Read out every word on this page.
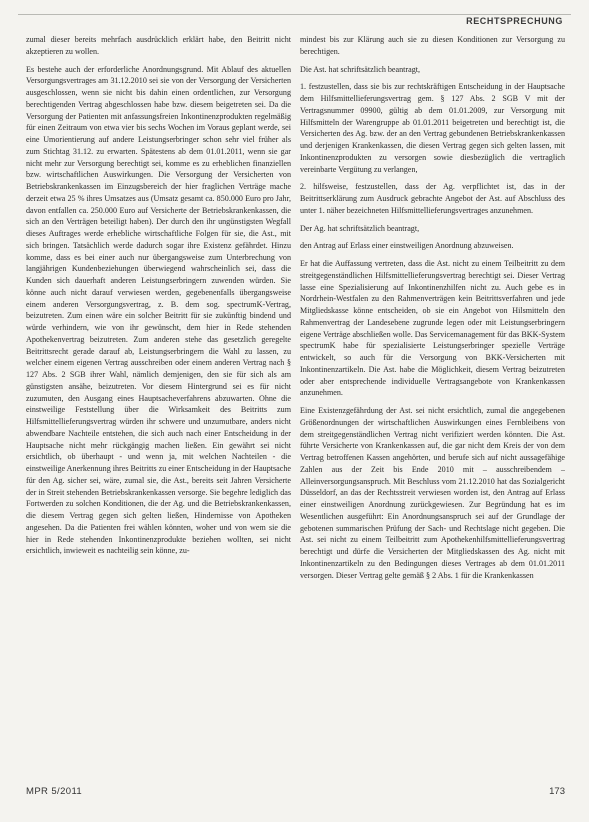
RECHTSPRECHUNG

zumal dieser bereits mehrfach ausdrücklich erklärt habe, den Beitritt nicht akzeptieren zu wollen.

Es bestehe auch der erforderliche Anordnungsgrund. Mit Ablauf des aktuellen Versorgungsvertrages am 31.12.2010 sei sie von der Versorgung der Versicherten ausgeschlossen, wenn sie nicht bis dahin einen ordentlichen, zur Versorgung berechtigenden Vertrag abgeschlossen habe bzw. diesem beigetreten sei. Da die Versorgung der Patienten mit anfassungsfreien Inkontinenzprodukten regelmäßig für einen Zeitraum von etwa vier bis sechs Wochen im Voraus geplant werde, sei eine Umorientierung auf andere Leistungserbringer schon sehr viel früher als zum Stichtag 31.12. zu erwarten. Spätestens ab dem 01.01.2011, wenn sie gar nicht mehr zur Versorgung berechtigt sei, komme es zu erheblichen finanziellen bzw. wirtschaftlichen Auswirkungen. Die Versorgung der Versicherten von Betriebskrankenkassen im Einzugsbereich der hier fraglichen Verträge mache derzeit etwa 25 % ihres Umsatzes aus (Umsatz gesamt ca. 850.000 Euro pro Jahr, davon entfallen ca. 250.000 Euro auf Versicherte der Betriebskrankenkassen, die sich an den Verträgen beteiligt haben). Der durch den ihr ungünstigsten Wegfall dieses Auftrages werde erhebliche wirtschaftliche Folgen für sie, die Ast., mit sich bringen. Tatsächlich werde dadurch sogar ihre Existenz gefährdet. Hinzu komme, dass es bei einer auch nur übergangsweise zum Unterbrechung von langjährigen Kundenbeziehungen überwiegend wahrscheinlich sei, dass die Kunden sich dauerhaft anderen Leistungserbringern zuwenden würden. Sie könne auch nicht darauf verwiesen werden, gegebenenfalls übergangsweise einem anderen Versorgungsvertrag, z. B. dem sog. spectrumK-Vertrag, beizutreten. Zum einen wäre ein solcher Beitritt für sie zukünftig bindend und würde verhindern, wie von ihr gewünscht, dem hier in Rede stehenden Apothekenvertrag beizutreten. Zum anderen stehe das gesetzlich geregelte Beitrittsrecht gerade darauf ab, Leistungserbringern die Wahl zu lassen, zu welcher einem eigenen Vertrag ausschreiben oder einem anderen Vertrag nach § 127 Abs. 2 SGB ihrer Wahl, nämlich demjenigen, den sie für sich als am günstigsten ansähe, beizutreten. Vor diesem Hintergrund sei es für nicht zuzumuten, den Ausgang eines Hauptsacheverfahrens abzuwarten. Ohne die einstweilige Feststellung über die Wirksamkeit des Beitritts zum Hilfsmittellieferungsvertrag würden ihr schwere und unzumutbare, anders nicht abwendbare Nachteile entstehen, die sich auch nach einer Entscheidung in der Hauptsache nicht mehr rückgängig machen ließen. Ein gewährt sei nicht ersichtlich, ob überhaupt - und wenn ja, mit welchen Nachteilen - die einstweilige Anerkennung ihres Beitritts zu einer Entscheidung in der Hauptsache für den Ag. sicher sei, wäre, zumal sie, die Ast., bereits seit Jahren Versicherte der in Streit stehenden Betriebskrankenkassen versorge. Sie begehre lediglich das Fortwerden zu solchen Konditionen, die der Ag. und die Betriebskrankenkassen, die diesem Vertrag gegen sich gelten ließen, Hindernisse von Apotheken angesehen. Da die Patienten frei wählen könnten, woher und von wem sie die hier in Rede stehenden Inkontinenzprodukte beziehen wollten, sei nicht ersichtlich, inwieweit es nachteilig sein könne, zu-

mindest bis zur Klärung auch sie zu diesen Konditionen zur Versorgung zu berechtigen.

Die Ast. hat schriftsätzlich beantragt,

1. festzustellen, dass sie bis zur rechtskräftigen Entscheidung in der Hauptsache dem Hilfsmittellieferungsvertrag gem. § 127 Abs. 2 SGB V mit der Vertragsnummer 09900, gültig ab dem 01.01.2009, zur Versorgung mit Hilfsmitteln der Warengruppe ab 01.01.2011 beigetreten und berechtigt ist, die Versicherten des Ag. bzw. der an den Vertrag gebundenen Betriebskrankenkassen und derjenigen Krankenkassen, die diesen Vertrag gegen sich gelten lassen, mit Inkontinenzprodukten zu versorgen sowie diesbezüglich die vertraglich vereinbarte Vergütung zu verlangen,

2. hilfsweise, festzustellen, dass der Ag. verpflichtet ist, das in der Beitrittserklärung zum Ausdruck gebrachte Angebot der Ast. auf Abschluss des unter 1. näher bezeichneten Hilfsmittellieferungsvertrages anzunehmen.

Der Ag. hat schriftsätzlich beantragt,

den Antrag auf Erlass einer einstweiligen Anordnung abzuweisen.

Er hat die Auffassung vertreten, dass die Ast. nicht zu einem Teilbeitritt zu dem streitgegenständlichen Hilfsmittellieferungsvertrag berechtigt sei. Dieser Vertrag lasse eine Spezialisierung auf Inkontinenzhilfen nicht zu. Auch gebe es in Nordrhein-Westfalen zu den Rahmenverträgen kein Beitrittsverfahren und jede Mitgliedskasse könne entscheiden, ob sie ein Angebot von Hilsmitteln den Rahmenvertrag der Landesebene zugrunde legen oder mit Leistungserbringern eigene Verträge abschließen wolle. Das Servicemanagement für das BKK-System spectrumK habe für spezialisierte Leistungserbringer spezielle Verträge entwickelt, so auch für die Versorgung von BKK-Versicherten mit Inkontinenzartikeln. Die Ast. habe die Möglichkeit, diesem Vertrag beizutreten oder aber entsprechende individuelle Vertragsangebote von Krankenkassen anzunehmen.

Eine Existenzgefährdung der Ast. sei nicht ersichtlich, zumal die angegebenen Größenordnungen der wirtschaftlichen Auswirkungen eines Fernbleibens von dem streitgegenständlichen Vertrag nicht verifiziert werden könnten. Die Ast. führte Versicherte von Krankenkassen auf, die gar nicht dem Kreis der von dem Vertrag betroffenen Kassen angehörten, und berufe sich auf nicht aussagefähige Zahlen aus der Zeit bis Ende 2010 mit – ausschreibendem – Alleinversorgungsanspruch. Mit Beschluss vom 21.12.2010 hat das Sozialgericht Düsseldorf, an das der Rechtsstreit verwiesen worden ist, den Antrag auf Erlass einer einstweiligen Anordnung zurückgewiesen. Zur Begründung hat es im Wesentlichen ausgeführt: Ein Anordnungsanspruch sei auf der Grundlage der gebotenen summarischen Prüfung der Sach- und Rechtslage nicht gegeben. Die Ast. sei nicht zu einem Teilbeitritt zum Apothekenhilfsmittellieferungsvertrag berechtigt und dürfe die Versicherten der Mitgliedskassen des Ag. nicht mit Inkontinenzartikeln zu den Bedingungen dieses Vertrages ab dem 01.01.2011 versorgen. Dieser Vertrag gelte gemäß § 2 Abs. 1 für die Krankenkassen

MPR 5/2011	173
